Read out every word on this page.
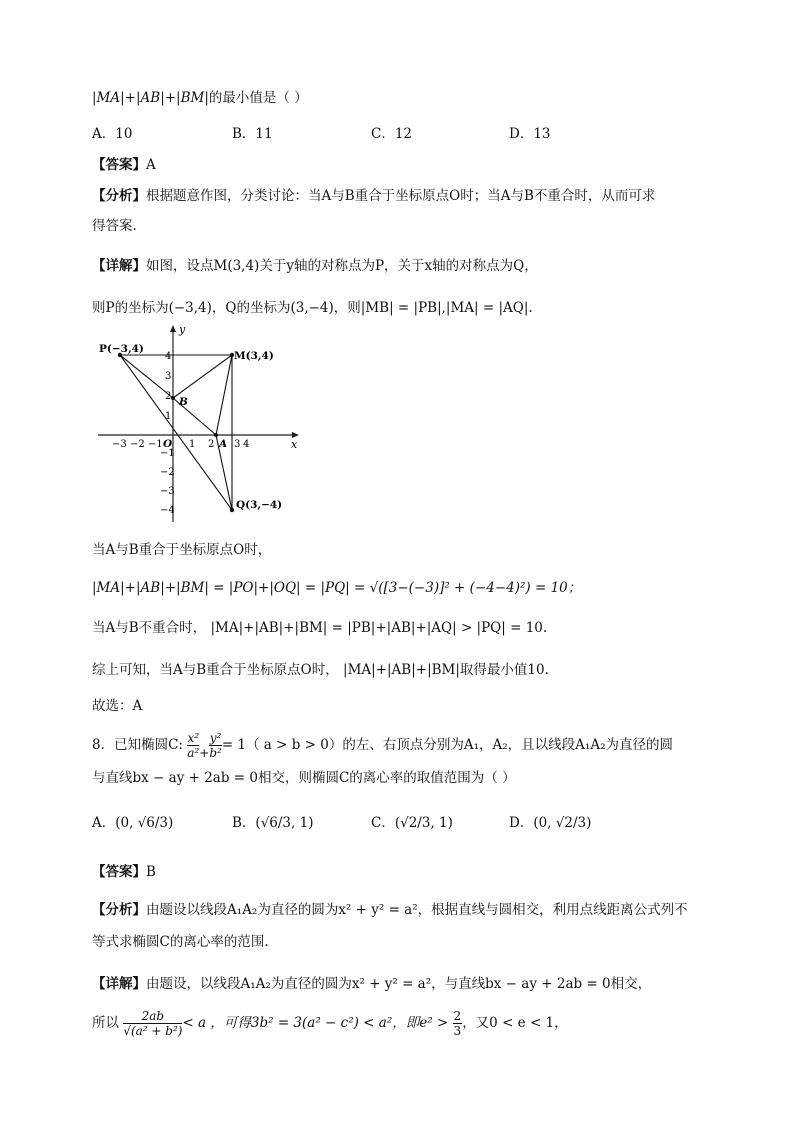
|MA|+|AB|+|BM|的最小值是（ ）
A．10	B．11	C．12	D．13
【答案】A
【分析】根据题意作图，分类讨论：当A与B重合于坐标原点O时；当A与B不重合时，从而可求
得答案.
【详解】如图，设点M(3,4)关于y轴的对称点为P，关于x轴的对称点为Q，
则P的坐标为(−3,4)，Q的坐标为(3,−4)，则|MB| = |PB|,|MA| = |AQ|.
x
y
P(−3,4)
M(3,4)
Q(3,−4)
B
A
O
−3 −2 −1	1 2 3 4
4
3
2
1
−1
−2
−3
−4
当A与B重合于坐标原点O时，
|MA|+|AB|+|BM| = |PO|+|OQ| = |PQ| = √([3−(−3)]² + (−4−4)²) = 10；
当A与B不重合时， |MA|+|AB|+|BM| = |PB|+|AB|+|AQ| > |PQ| = 10.
综上可知，当A与B重合于坐标原点O时， |MA|+|AB|+|BM|取得最小值10.
故选：A
8．已知椭圆C: $\frac{\text{x²}}{\text{a²}} + \frac{\text{y²}}{\text{b²}} = 1$（ a > b > 0）的左、右顶点分别为A₁，A₂，且以线段A₁A₂为直径的圆
与直线bx − ay + 2ab = 0相交，则椭圆C的离心率的取值范围为（ ）
A．(0, √6/3)	B．(√6/3, 1)	C．(√2/3, 1)	D．(0, √2/3)
【答案】B
【分析】由题设以线段A₁A₂为直径的圆为x² + y² = a²，根据直线与圆相交，利用点线距离公式列不
等式求椭圆C的离心率的范围.
【详解】由题设，以线段A₁A₂为直径的圆为x² + y² = a²，与直线bx − ay + 2ab = 0相交，
所以 $\frac{2ab}{\text{√(a² + b²)}} < a$ ，可得3b² = 3(a² − c²) < a²，即$e^2 > \frac{2}{3}$ ，又0 < e < 1，
